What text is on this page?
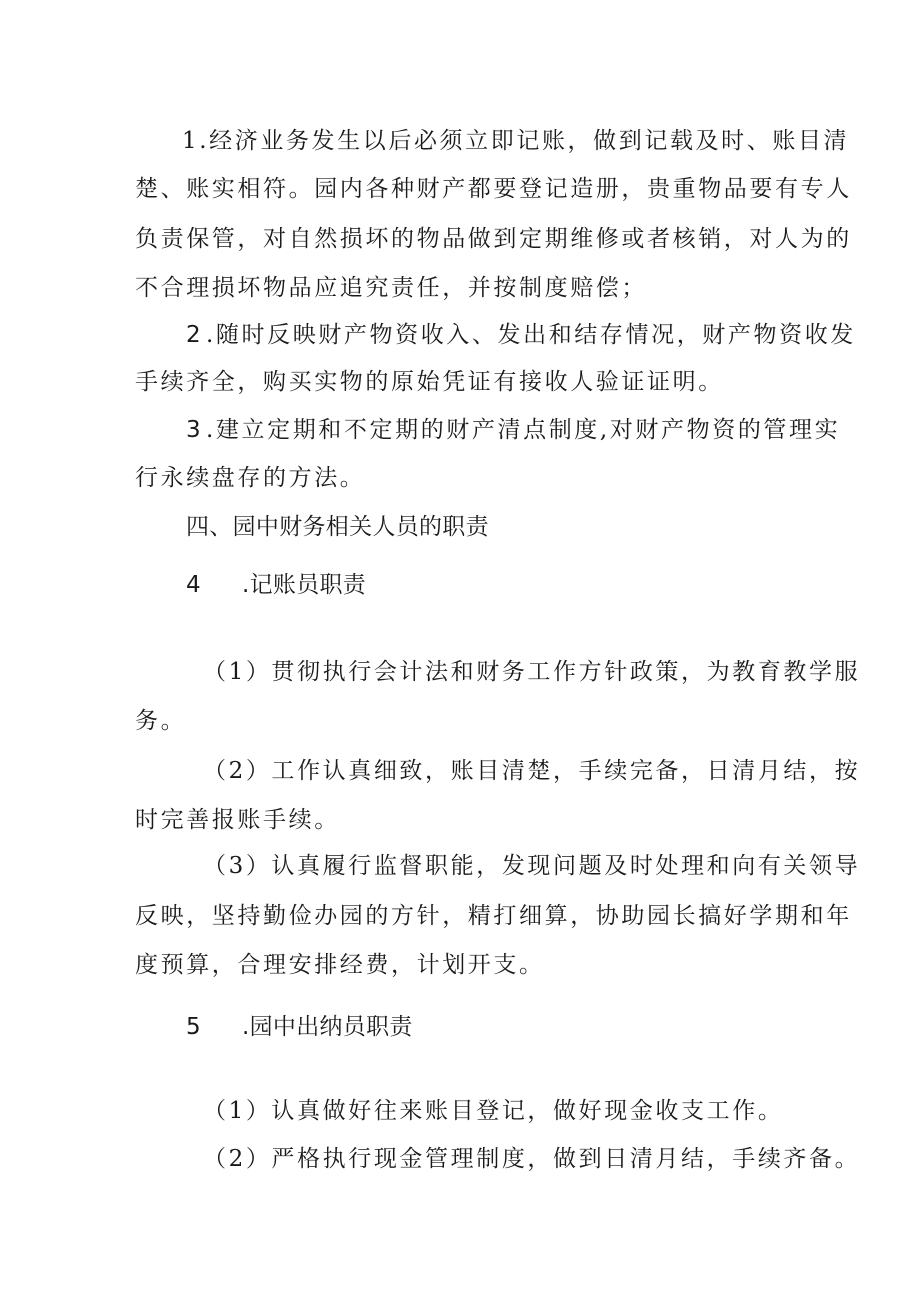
1.经济业务发生以后必须立即记账，做到记载及时、账目清
楚、账实相符。园内各种财产都要登记造册，贵重物品要有专人
负责保管，对自然损坏的物品做到定期维修或者核销，对人为的
不合理损坏物品应追究责任，并按制度赔偿；
2 .随时反映财产物资收入、发出和结存情况，财产物资收发
手续齐全，购买实物的原始凭证有接收人验证证明。
3 .建立定期和不定期的财产清点制度,对财产物资的管理实
行永续盘存的方法。
四、园中财务相关人员的职责
4 .记账员职责
（1）贯彻执行会计法和财务工作方针政策，为教育教学服
务。
（2）工作认真细致，账目清楚，手续完备，日清月结，按
时完善报账手续。
（3）认真履行监督职能，发现问题及时处理和向有关领导
反映，坚持勤俭办园的方针，精打细算，协助园长搞好学期和年
度预算，合理安排经费，计划开支。
5 .园中出纳员职责
（1）认真做好往来账目登记，做好现金收支工作。
（2）严格执行现金管理制度，做到日清月结，手续齐备。
